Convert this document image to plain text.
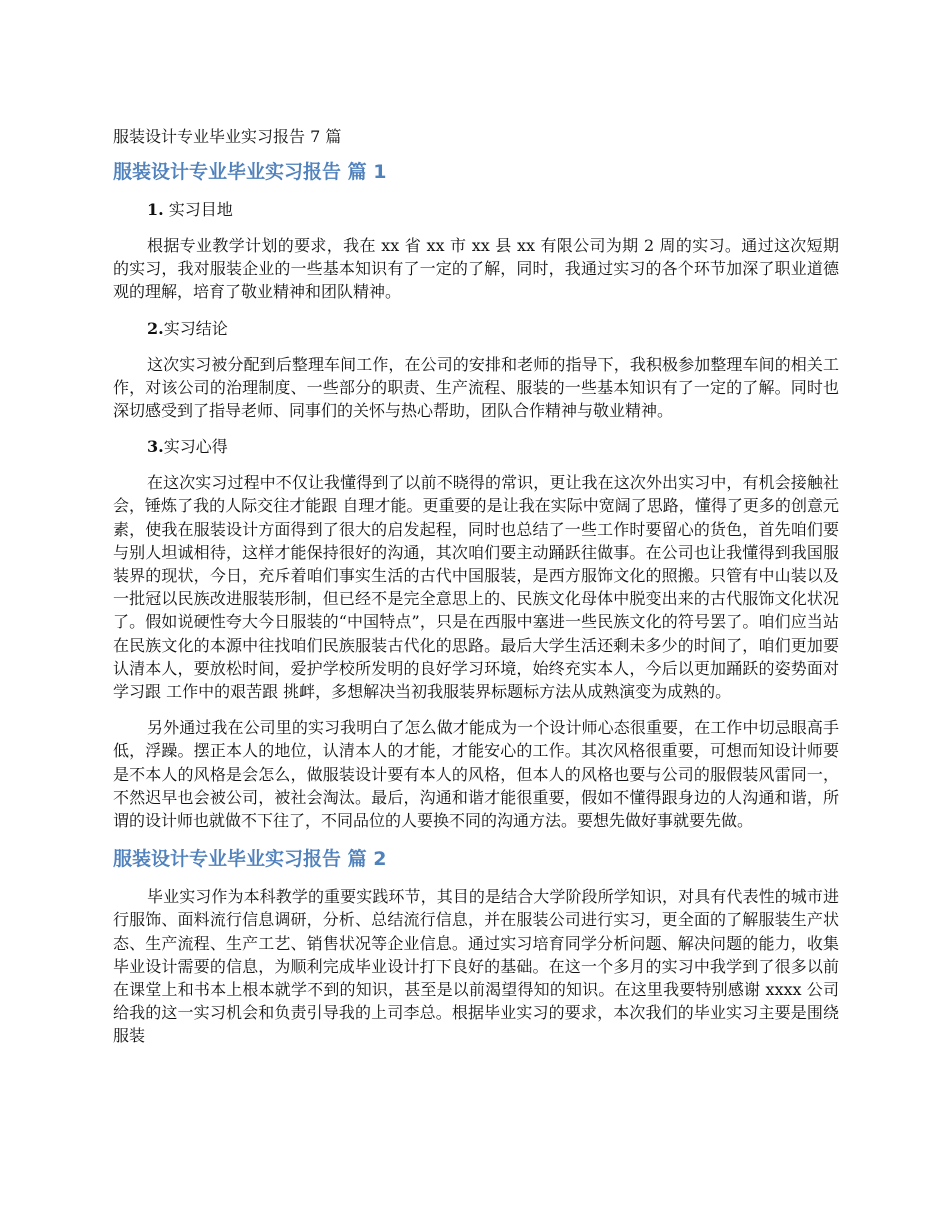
服装设计专业毕业实习报告 7 篇
服装设计专业毕业实习报告 篇 1

1. 实习目地

根据专业教学计划的要求，我在 xx 省 xx 市 xx 县 xx 有限公司为期 2 周的实习。通过这次短期的实习，我对服装企业的一些基本知识有了一定的了解，同时，我通过实习的各个环节加深了职业道德观的理解，培育了敬业精神和团队精神。

2.实习结论

这次实习被分配到后整理车间工作，在公司的安排和老师的指导下，我积极参加整理车间的相关工作，对该公司的治理制度、一些部分的职责、生产流程、服装的一些基本知识有了一定的了解。同时也深切感受到了指导老师、同事们的关怀与热心帮助，团队合作精神与敬业精神。

3.实习心得

在这次实习过程中不仅让我懂得到了以前不晓得的常识，更让我在这次外出实习中，有机会接触社会，锤炼了我的人际交往才能跟 自理才能。更重要的是让我在实际中宽阔了思路，懂得了更多的创意元素，使我在服装设计方面得到了很大的启发起程，同时也总结了一些工作时要留心的货色，首先咱们要与别人坦诚相待，这样才能保持很好的沟通，其次咱们要主动踊跃往做事。在公司也让我懂得到我国服装界的现状，今日，充斥着咱们事实生活的古代中国服装，是西方服饰文化的照搬。只管有中山装以及一批冠以民族改进服装形制，但已经不是完全意思上的、民族文化母体中脱变出来的古代服饰文化状况了。假如说硬性夸大今日服装的“中国特点”，只是在西服中塞进一些民族文化的符号罢了。咱们应当站在民族文化的本源中往找咱们民族服装古代化的思路。最后大学生活还剩未多少的时间了，咱们更加要认清本人，要放松时间，爱护学校所发明的良好学习环境，始终充实本人，今后以更加踊跃的姿势面对学习跟 工作中的艰苦跟 挑衅，多想解决当初我服装界标题标方法从成熟演变为成熟的。

另外通过我在公司里的实习我明白了怎么做才能成为一个设计师心态很重要，在工作中切忌眼高手低，浮躁。摆正本人的地位，认清本人的才能，才能安心的工作。其次风格很重要，可想而知设计师要是不本人的风格是会怎么，做服装设计要有本人的风格，但本人的风格也要与公司的服假装风雷同一，不然迟早也会被公司，被社会淘汰。最后，沟通和谐才能很重要，假如不懂得跟身边的人沟通和谐，所谓的设计师也就做不下往了，不同品位的人要换不同的沟通方法。要想先做好事就要先做。

服装设计专业毕业实习报告 篇 2

毕业实习作为本科教学的重要实践环节，其目的是结合大学阶段所学知识，对具有代表性的城市进行服饰、面料流行信息调研，分析、总结流行信息，并在服装公司进行实习，更全面的了解服装生产状态、生产流程、生产工艺、销售状况等企业信息。通过实习培育同学分析问题、解决问题的能力，收集毕业设计需要的信息，为顺利完成毕业设计打下良好的基础。在这一个多月的实习中我学到了很多以前在课堂上和书本上根本就学不到的知识，甚至是以前渴望得知的知识。在这里我要特别感谢 xxxx 公司给我的这一实习机会和负责引导我的上司李总。根据毕业实习的要求，本次我们的毕业实习主要是围绕服装
